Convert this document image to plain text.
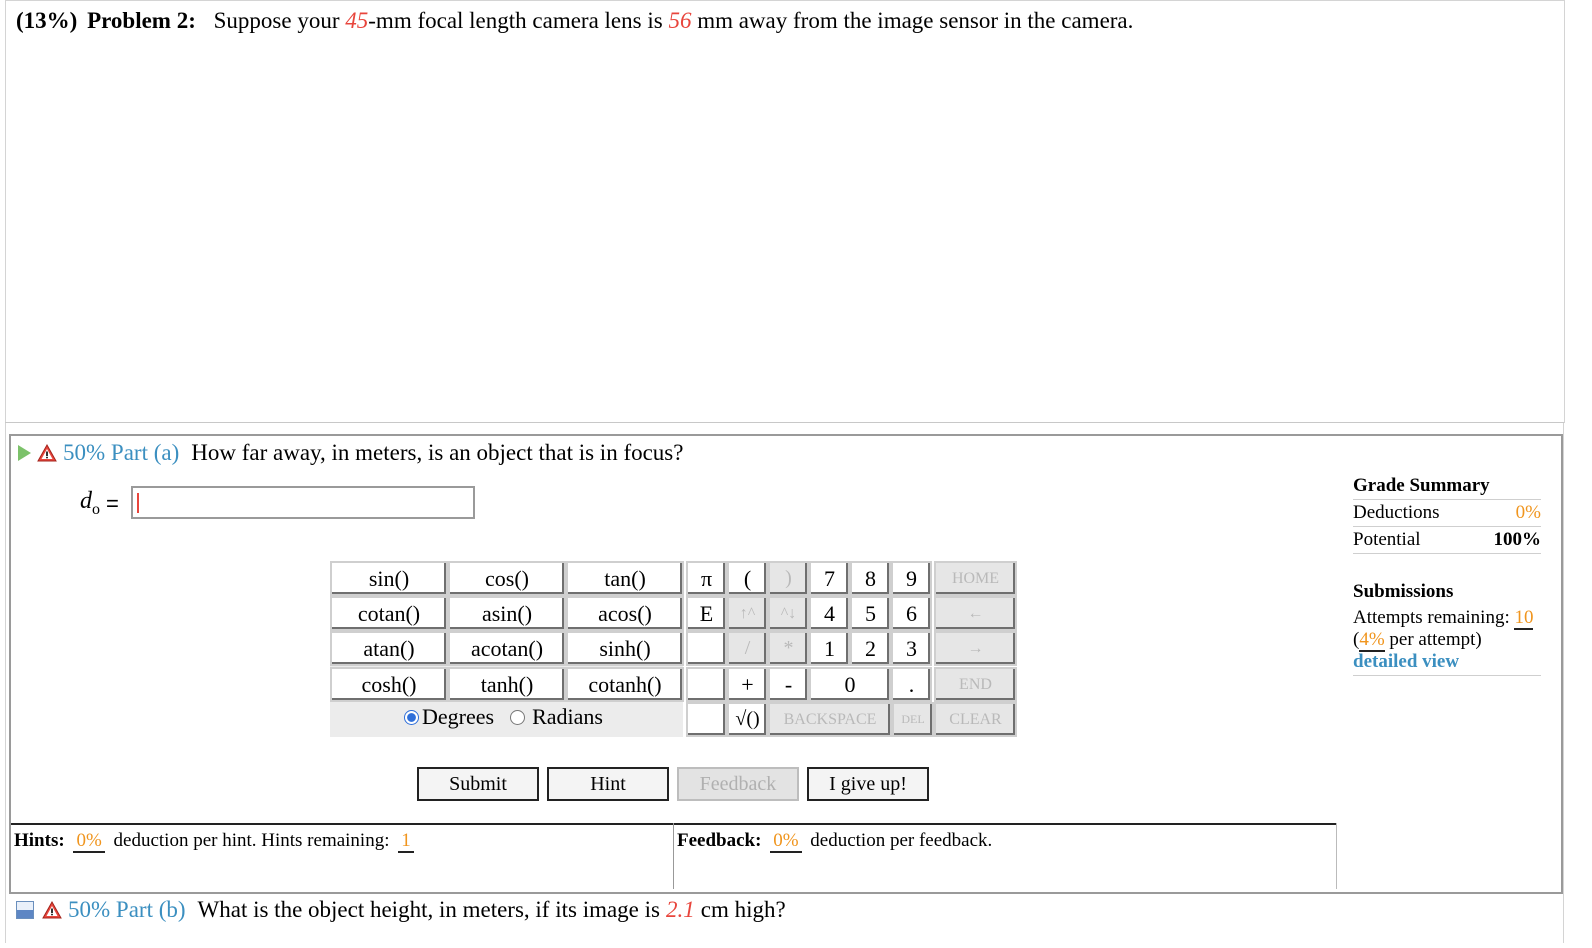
(13%) Problem 2: Suppose your 45-mm focal length camera lens is 56 mm away from the image sensor in the camera.
50% Part (a) How far away, in meters, is an object that is in focus?
$d_o$ =
sin()	cos()	tan()
cotan()	asin()	acos()
atan()	acotan()	sinh()
cosh()	tanh()	cotanh()
Degrees Radians
π	(	)	7	8	9	HOME
E	↑^	^↓	4	5	6	←
/	*	1	2	3	→
+	-	0	.	END
√()	BACKSPACE	DEL	CLEAR
Submit	Hint	Feedback	I give up!
Hints: 0% deduction per hint. Hints remaining: 1	Feedback: 0% deduction per feedback.
Grade Summary
Deductions	0%
Potential	100%
Submissions
Attempts remaining: 10
(4% per attempt)
detailed view
50% Part (b) What is the object height, in meters, if its image is 2.1 cm high?
